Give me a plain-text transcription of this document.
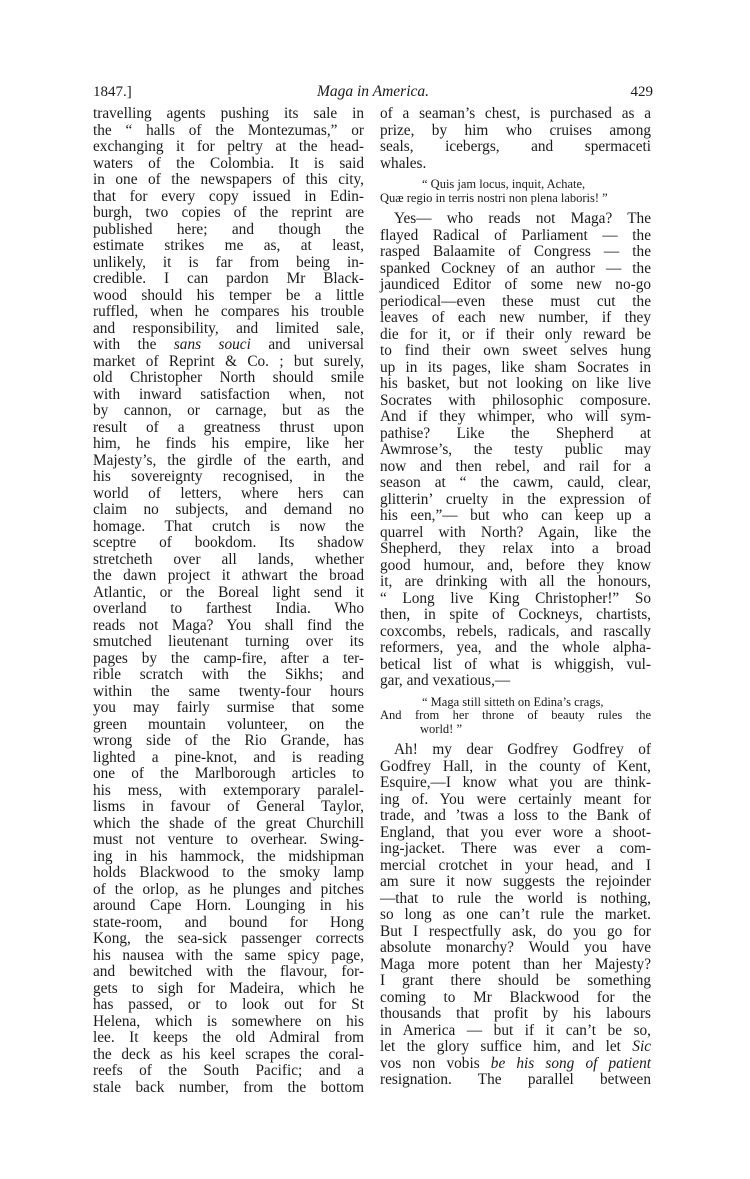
1847.]	Maga in America.	429
travelling agents pushing its sale in
the “ halls of the Montezumas,” or
exchanging it for peltry at the head-
waters of the Colombia. It is said
in one of the newspapers of this city,
that for every copy issued in Edin-
burgh, two copies of the reprint are
published here; and though the
estimate strikes me as, at least,
unlikely, it is far from being in-
credible. I can pardon Mr Black-
wood should his temper be a little
ruffled, when he compares his trouble
and responsibility, and limited sale,
with the sans souci and universal
market of Reprint & Co. ; but surely,
old Christopher North should smile
with inward satisfaction when, not
by cannon, or carnage, but as the
result of a greatness thrust upon
him, he finds his empire, like her
Majesty’s, the girdle of the earth, and
his sovereignty recognised, in the
world of letters, where hers can
claim no subjects, and demand no
homage. That crutch is now the
sceptre of bookdom. Its shadow
stretcheth over all lands, whether
the dawn project it athwart the broad
Atlantic, or the Boreal light send it
overland to farthest India. Who
reads not Maga? You shall find the
smutched lieutenant turning over its
pages by the camp-fire, after a ter-
rible scratch with the Sikhs; and
within the same twenty-four hours
you may fairly surmise that some
green mountain volunteer, on the
wrong side of the Rio Grande, has
lighted a pine-knot, and is reading
one of the Marlborough articles to
his mess, with extemporary paralel-
lisms in favour of General Taylor,
which the shade of the great Churchill
must not venture to overhear. Swing-
ing in his hammock, the midshipman
holds Blackwood to the smoky lamp
of the orlop, as he plunges and pitches
around Cape Horn. Lounging in his
state-room, and bound for Hong
Kong, the sea-sick passenger corrects
his nausea with the same spicy page,
and bewitched with the flavour, for-
gets to sigh for Madeira, which he
has passed, or to look out for St
Helena, which is somewhere on his
lee. It keeps the old Admiral from
the deck as his keel scrapes the coral-
reefs of the South Pacific; and a
stale back number, from the bottom
of a seaman’s chest, is purchased as a
prize, by him who cruises among
seals, icebergs, and spermaceti
whales.
“ Quis jam locus, inquit, Achate,
Quæ regio in terris nostri non plena laboris! ”
Yes— who reads not Maga? The
flayed Radical of Parliament — the
rasped Balaamite of Congress — the
spanked Cockney of an author — the
jaundiced Editor of some new no-go
periodical—even these must cut the
leaves of each new number, if they
die for it, or if their only reward be
to find their own sweet selves hung
up in its pages, like sham Socrates in
his basket, but not looking on like live
Socrates with philosophic composure.
And if they whimper, who will sym-
pathise? Like the Shepherd at
Awmrose’s, the testy public may
now and then rebel, and rail for a
season at “ the cawm, cauld, clear,
glitterin’ cruelty in the expression of
his een,”— but who can keep up a
quarrel with North? Again, like the
Shepherd, they relax into a broad
good humour, and, before they know
it, are drinking with all the honours,
“ Long live King Christopher!” So
then, in spite of Cockneys, chartists,
coxcombs, rebels, radicals, and rascally
reformers, yea, and the whole alpha-
betical list of what is whiggish, vul-
gar, and vexatious,—
“ Maga still sitteth on Edina’s crags,
And from her throne of beauty rules the
world! ”
Ah! my dear Godfrey Godfrey of
Godfrey Hall, in the county of Kent,
Esquire,—I know what you are think-
ing of. You were certainly meant for
trade, and ’twas a loss to the Bank of
England, that you ever wore a shoot-
ing-jacket. There was ever a com-
mercial crotchet in your head, and I
am sure it now suggests the rejoinder
—that to rule the world is nothing,
so long as one can’t rule the market.
But I respectfully ask, do you go for
absolute monarchy? Would you have
Maga more potent than her Majesty?
I grant there should be something
coming to Mr Blackwood for the
thousands that profit by his labours
in America — but if it can’t be so,
let the glory suffice him, and let Sic
vos non vobis be his song of patient
resignation. The parallel between
